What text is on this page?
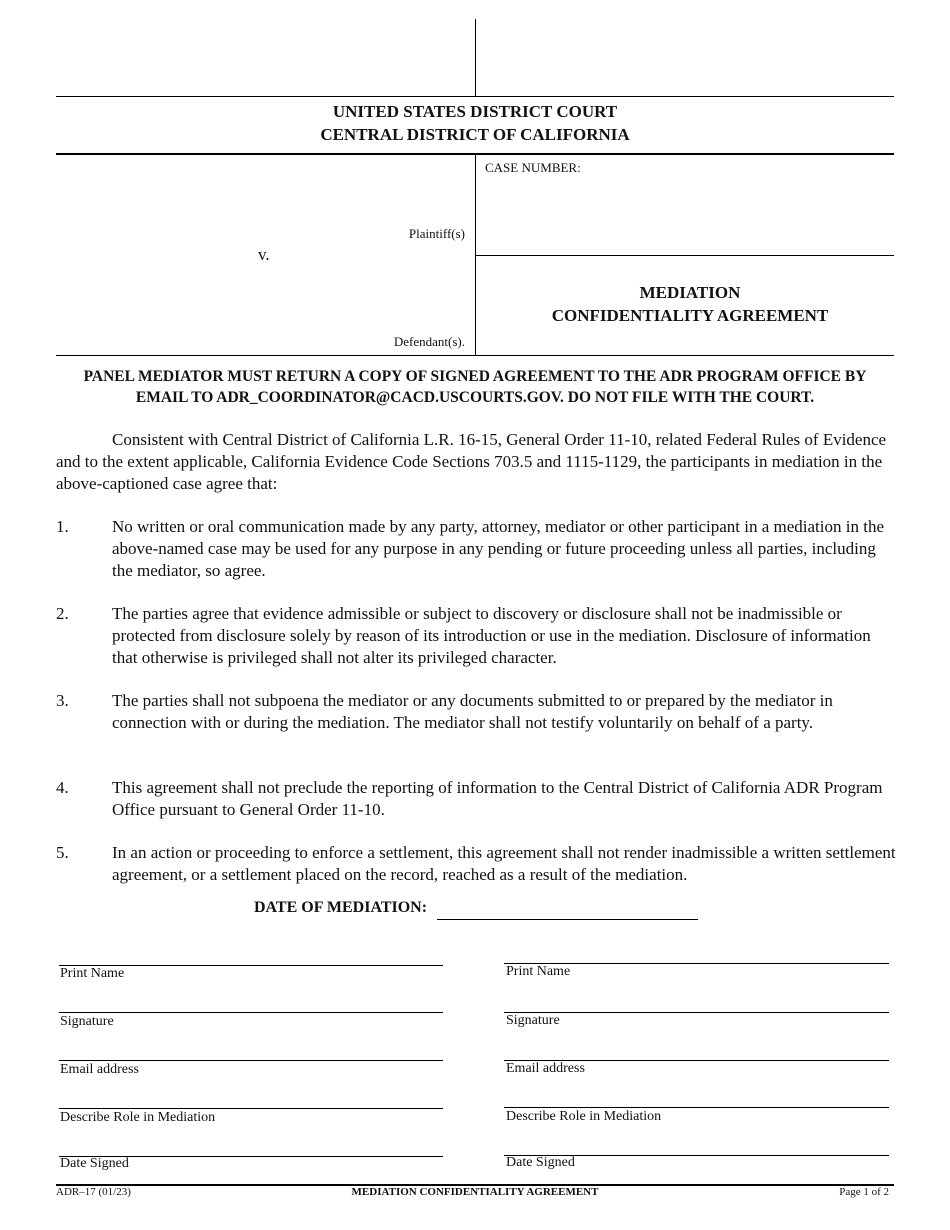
UNITED STATES DISTRICT COURT
CENTRAL DISTRICT OF CALIFORNIA
CASE NUMBER:
Plaintiff(s)
v.
Defendant(s).
MEDIATION
CONFIDENTIALITY AGREEMENT
PANEL MEDIATOR MUST RETURN A COPY OF SIGNED AGREEMENT TO THE ADR PROGRAM OFFICE BY
EMAIL TO ADR_COORDINATOR@CACD.USCOURTS.GOV. DO NOT FILE WITH THE COURT.
Consistent with Central District of California L.R. 16-15, General Order 11-10, related Federal Rules of Evidence and to the extent applicable, California Evidence Code Sections 703.5 and 1115-1129, the participants in mediation in the above-captioned case agree that:
1.	No written or oral communication made by any party, attorney, mediator or other participant in a mediation in the above-named case may be used for any purpose in any pending or future proceeding unless all parties, including the mediator, so agree.
2.	The parties agree that evidence admissible or subject to discovery or disclosure shall not be inadmissible or protected from disclosure solely by reason of its introduction or use in the mediation. Disclosure of information that otherwise is privileged shall not alter its privileged character.
3.	The parties shall not subpoena the mediator or any documents submitted to or prepared by the mediator in connection with or during the mediation. The mediator shall not testify voluntarily on behalf of a party.
4.	This agreement shall not preclude the reporting of information to the Central District of California ADR Program Office pursuant to General Order 11-10.
5.	In an action or proceeding to enforce a settlement, this agreement shall not render inadmissible a written settlement agreement, or a settlement placed on the record, reached as a result of the mediation.
DATE OF MEDIATION:
Print Name
Signature
Email address
Describe Role in Mediation
Date Signed
Print Name
Signature
Email address
Describe Role in Mediation
Date Signed
ADR–17 (01/23)	MEDIATION CONFIDENTIALITY AGREEMENT	Page 1 of 2
